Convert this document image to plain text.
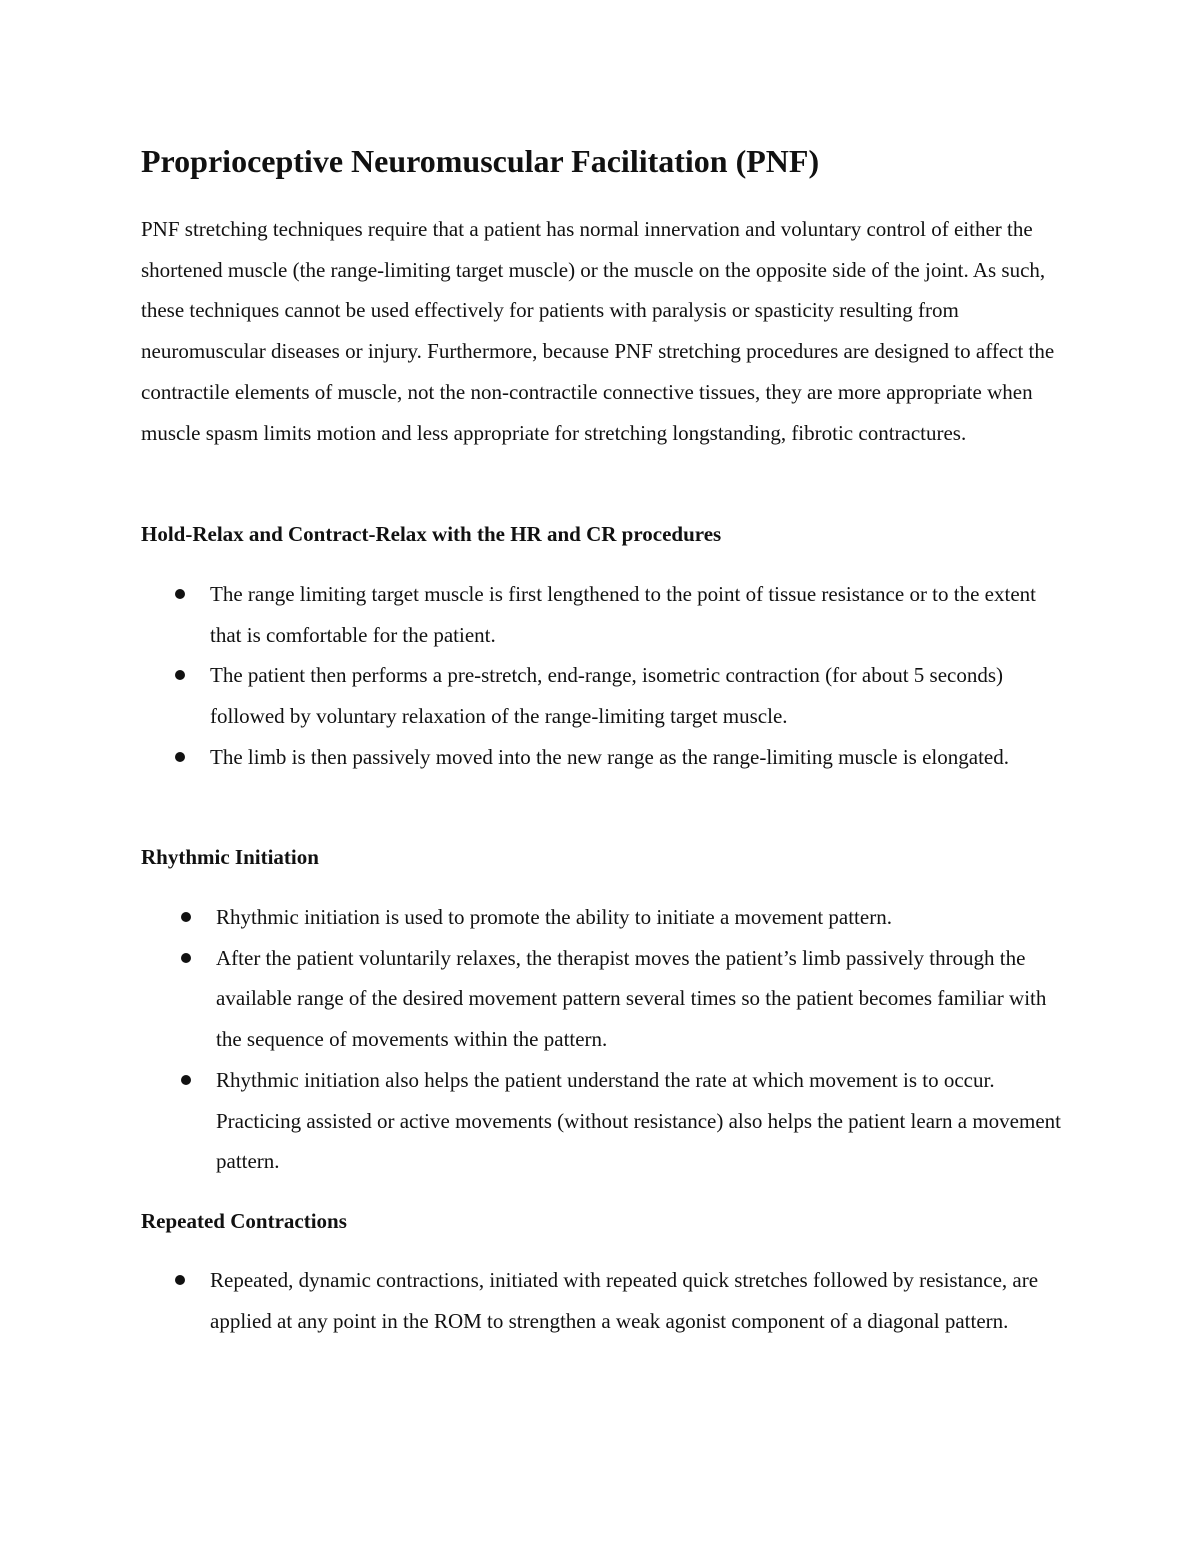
Proprioceptive Neuromuscular Facilitation (PNF)

PNF stretching techniques require that a patient has normal innervation and voluntary control of either the shortened muscle (the range-limiting target muscle) or the muscle on the opposite side of the joint. As such, these techniques cannot be used effectively for patients with paralysis or spasticity resulting from neuromuscular diseases or injury. Furthermore, because PNF stretching procedures are designed to affect the contractile elements of muscle, not the non-contractile connective tissues, they are more appropriate when muscle spasm limits motion and less appropriate for stretching longstanding, fibrotic contractures.

Hold-Relax and Contract-Relax with the HR and CR procedures
The range limiting target muscle is first lengthened to the point of tissue resistance or to the extent that is comfortable for the patient.
The patient then performs a pre-stretch, end-range, isometric contraction (for about 5 seconds) followed by voluntary relaxation of the range-limiting target muscle.
The limb is then passively moved into the new range as the range-limiting muscle is elongated.
Rhythmic Initiation
Rhythmic initiation is used to promote the ability to initiate a movement pattern.
After the patient voluntarily relaxes, the therapist moves the patient’s limb passively through the available range of the desired movement pattern several times so the patient becomes familiar with the sequence of movements within the pattern.
Rhythmic initiation also helps the patient understand the rate at which movement is to occur. Practicing assisted or active movements (without resistance) also helps the patient learn a movement pattern.
Repeated Contractions
Repeated, dynamic contractions, initiated with repeated quick stretches followed by resistance, are applied at any point in the ROM to strengthen a weak agonist component of a diagonal pattern.
